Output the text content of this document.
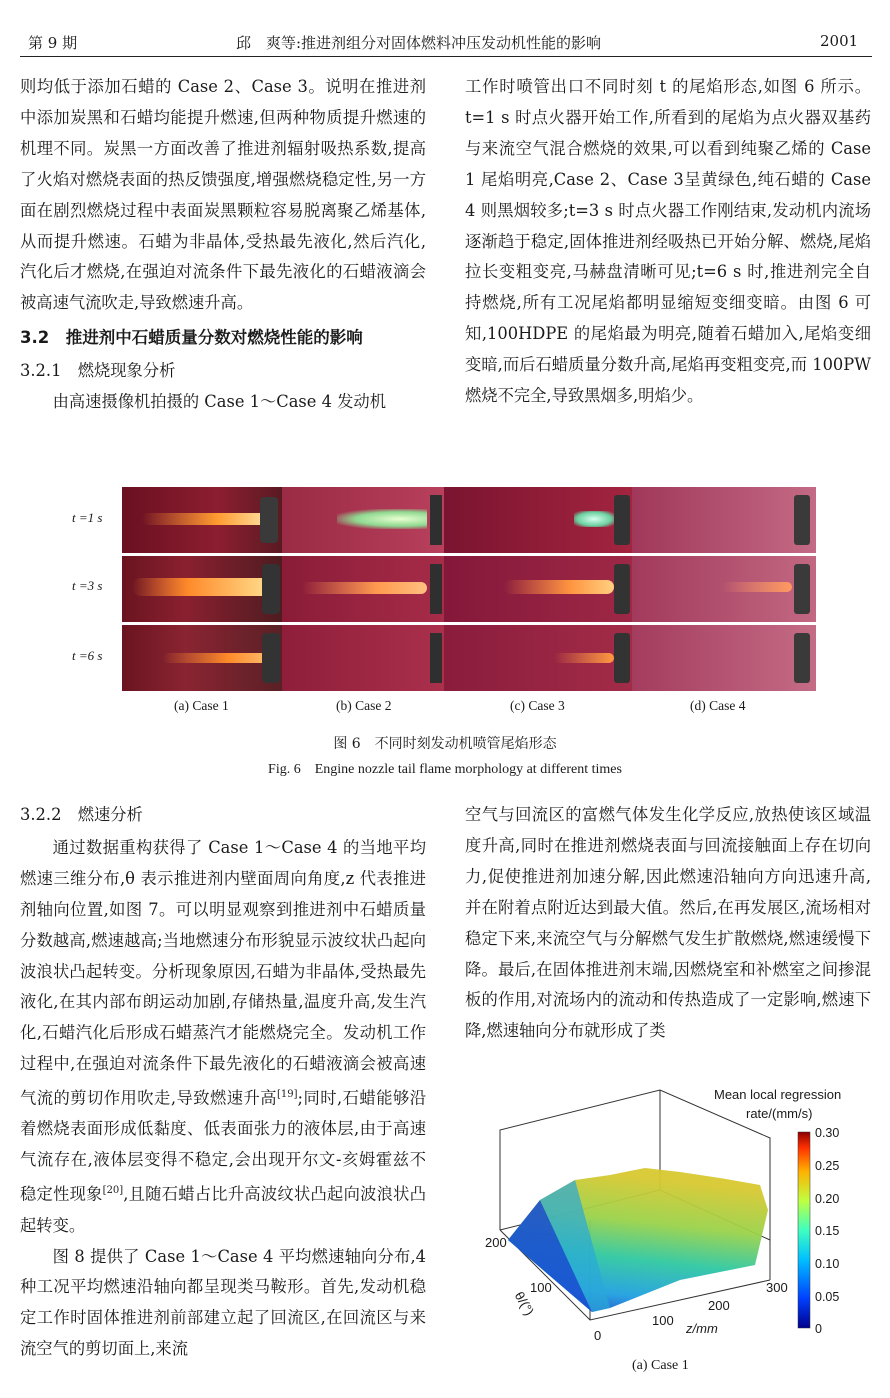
第 9 期	邱　爽等:推进剂组分对固体燃料冲压发动机性能的影响	2001

则均低于添加石蜡的 Case 2、Case 3。说明在推进剂中添加炭黑和石蜡均能提升燃速,但两种物质提升燃速的机理不同。炭黑一方面改善了推进剂辐射吸热系数,提高了火焰对燃烧表面的热反馈强度,增强燃烧稳定性,另一方面在剧烈燃烧过程中表面炭黑颗粒容易脱离聚乙烯基体,从而提升燃速。石蜡为非晶体,受热最先液化,然后汽化,汽化后才燃烧,在强迫对流条件下最先液化的石蜡液滴会被高速气流吹走,导致燃速升高。

3.2　推进剂中石蜡质量分数对燃烧性能的影响

3.2.1　燃烧现象分析

由高速摄像机拍摄的 Case 1～Case 4 发动机

工作时喷管出口不同时刻 t 的尾焰形态,如图 6 所示。t=1 s 时点火器开始工作,所看到的尾焰为点火器双基药与来流空气混合燃烧的效果,可以看到纯聚乙烯的 Case 1 尾焰明亮,Case 2、Case 3呈黄绿色,纯石蜡的 Case 4 则黑烟较多;t=3 s 时点火器工作刚结束,发动机内流场逐渐趋于稳定,固体推进剂经吸热已开始分解、燃烧,尾焰拉长变粗变亮,马赫盘清晰可见;t=6 s 时,推进剂完全自持燃烧,所有工况尾焰都明显缩短变细变暗。由图 6 可知,100HDPE 的尾焰最为明亮,随着石蜡加入,尾焰变细变暗,而后石蜡质量分数升高,尾焰再变粗变亮,而 100PW 燃烧不完全,导致黑烟多,明焰少。

t =1 s
t =3 s
t =6 s
(a) Case 1	(b) Case 2	(c) Case 3	(d) Case 4
图 6　不同时刻发动机喷管尾焰形态
Fig. 6　Engine nozzle tail flame morphology at different times

3.2.2　燃速分析

通过数据重构获得了 Case 1～Case 4 的当地平均燃速三维分布,θ 表示推进剂内壁面周向角度,z 代表推进剂轴向位置,如图 7。可以明显观察到推进剂中石蜡质量分数越高,燃速越高;当地燃速分布形貌显示波纹状凸起向波浪状凸起转变。分析现象原因,石蜡为非晶体,受热最先液化,在其内部布朗运动加剧,存储热量,温度升高,发生汽化,石蜡汽化后形成石蜡蒸汽才能燃烧完全。发动机工作过程中,在强迫对流条件下最先液化的石蜡液滴会被高速气流的剪切作用吹走,导致燃速升高[19];同时,石蜡能够沿着燃烧表面形成低黏度、低表面张力的液体层,由于高速气流存在,液体层变得不稳定,会出现开尔文-亥姆霍兹不稳定性现象[20],且随石蜡占比升高波纹状凸起向波浪状凸起转变。

图 8 提供了 Case 1～Case 4 平均燃速轴向分布,4 种工况平均燃速沿轴向都呈现类马鞍形。首先,发动机稳定工作时固体推进剂前部建立起了回流区,在回流区与来流空气的剪切面上,来流

空气与回流区的富燃气体发生化学反应,放热使该区域温度升高,同时在推进剂燃烧表面与回流接触面上存在切向力,促使推进剂加速分解,因此燃速沿轴向方向迅速升高,并在附着点附近达到最大值。然后,在再发展区,流场相对稳定下来,来流空气与分解燃气发生扩散燃烧,燃速缓慢下降。最后,在固体推进剂末端,因燃烧室和补燃室之间掺混板的作用,对流场内的流动和传热造成了一定影响,燃速下降,燃速轴向分布就形成了类

Mean local regression
rate/(mm/s)
0.30
0.25
0.20
0.15
0.10
0.05
0
200
100
θ/(°)
0
100
200
300
z/mm
(a) Case 1
